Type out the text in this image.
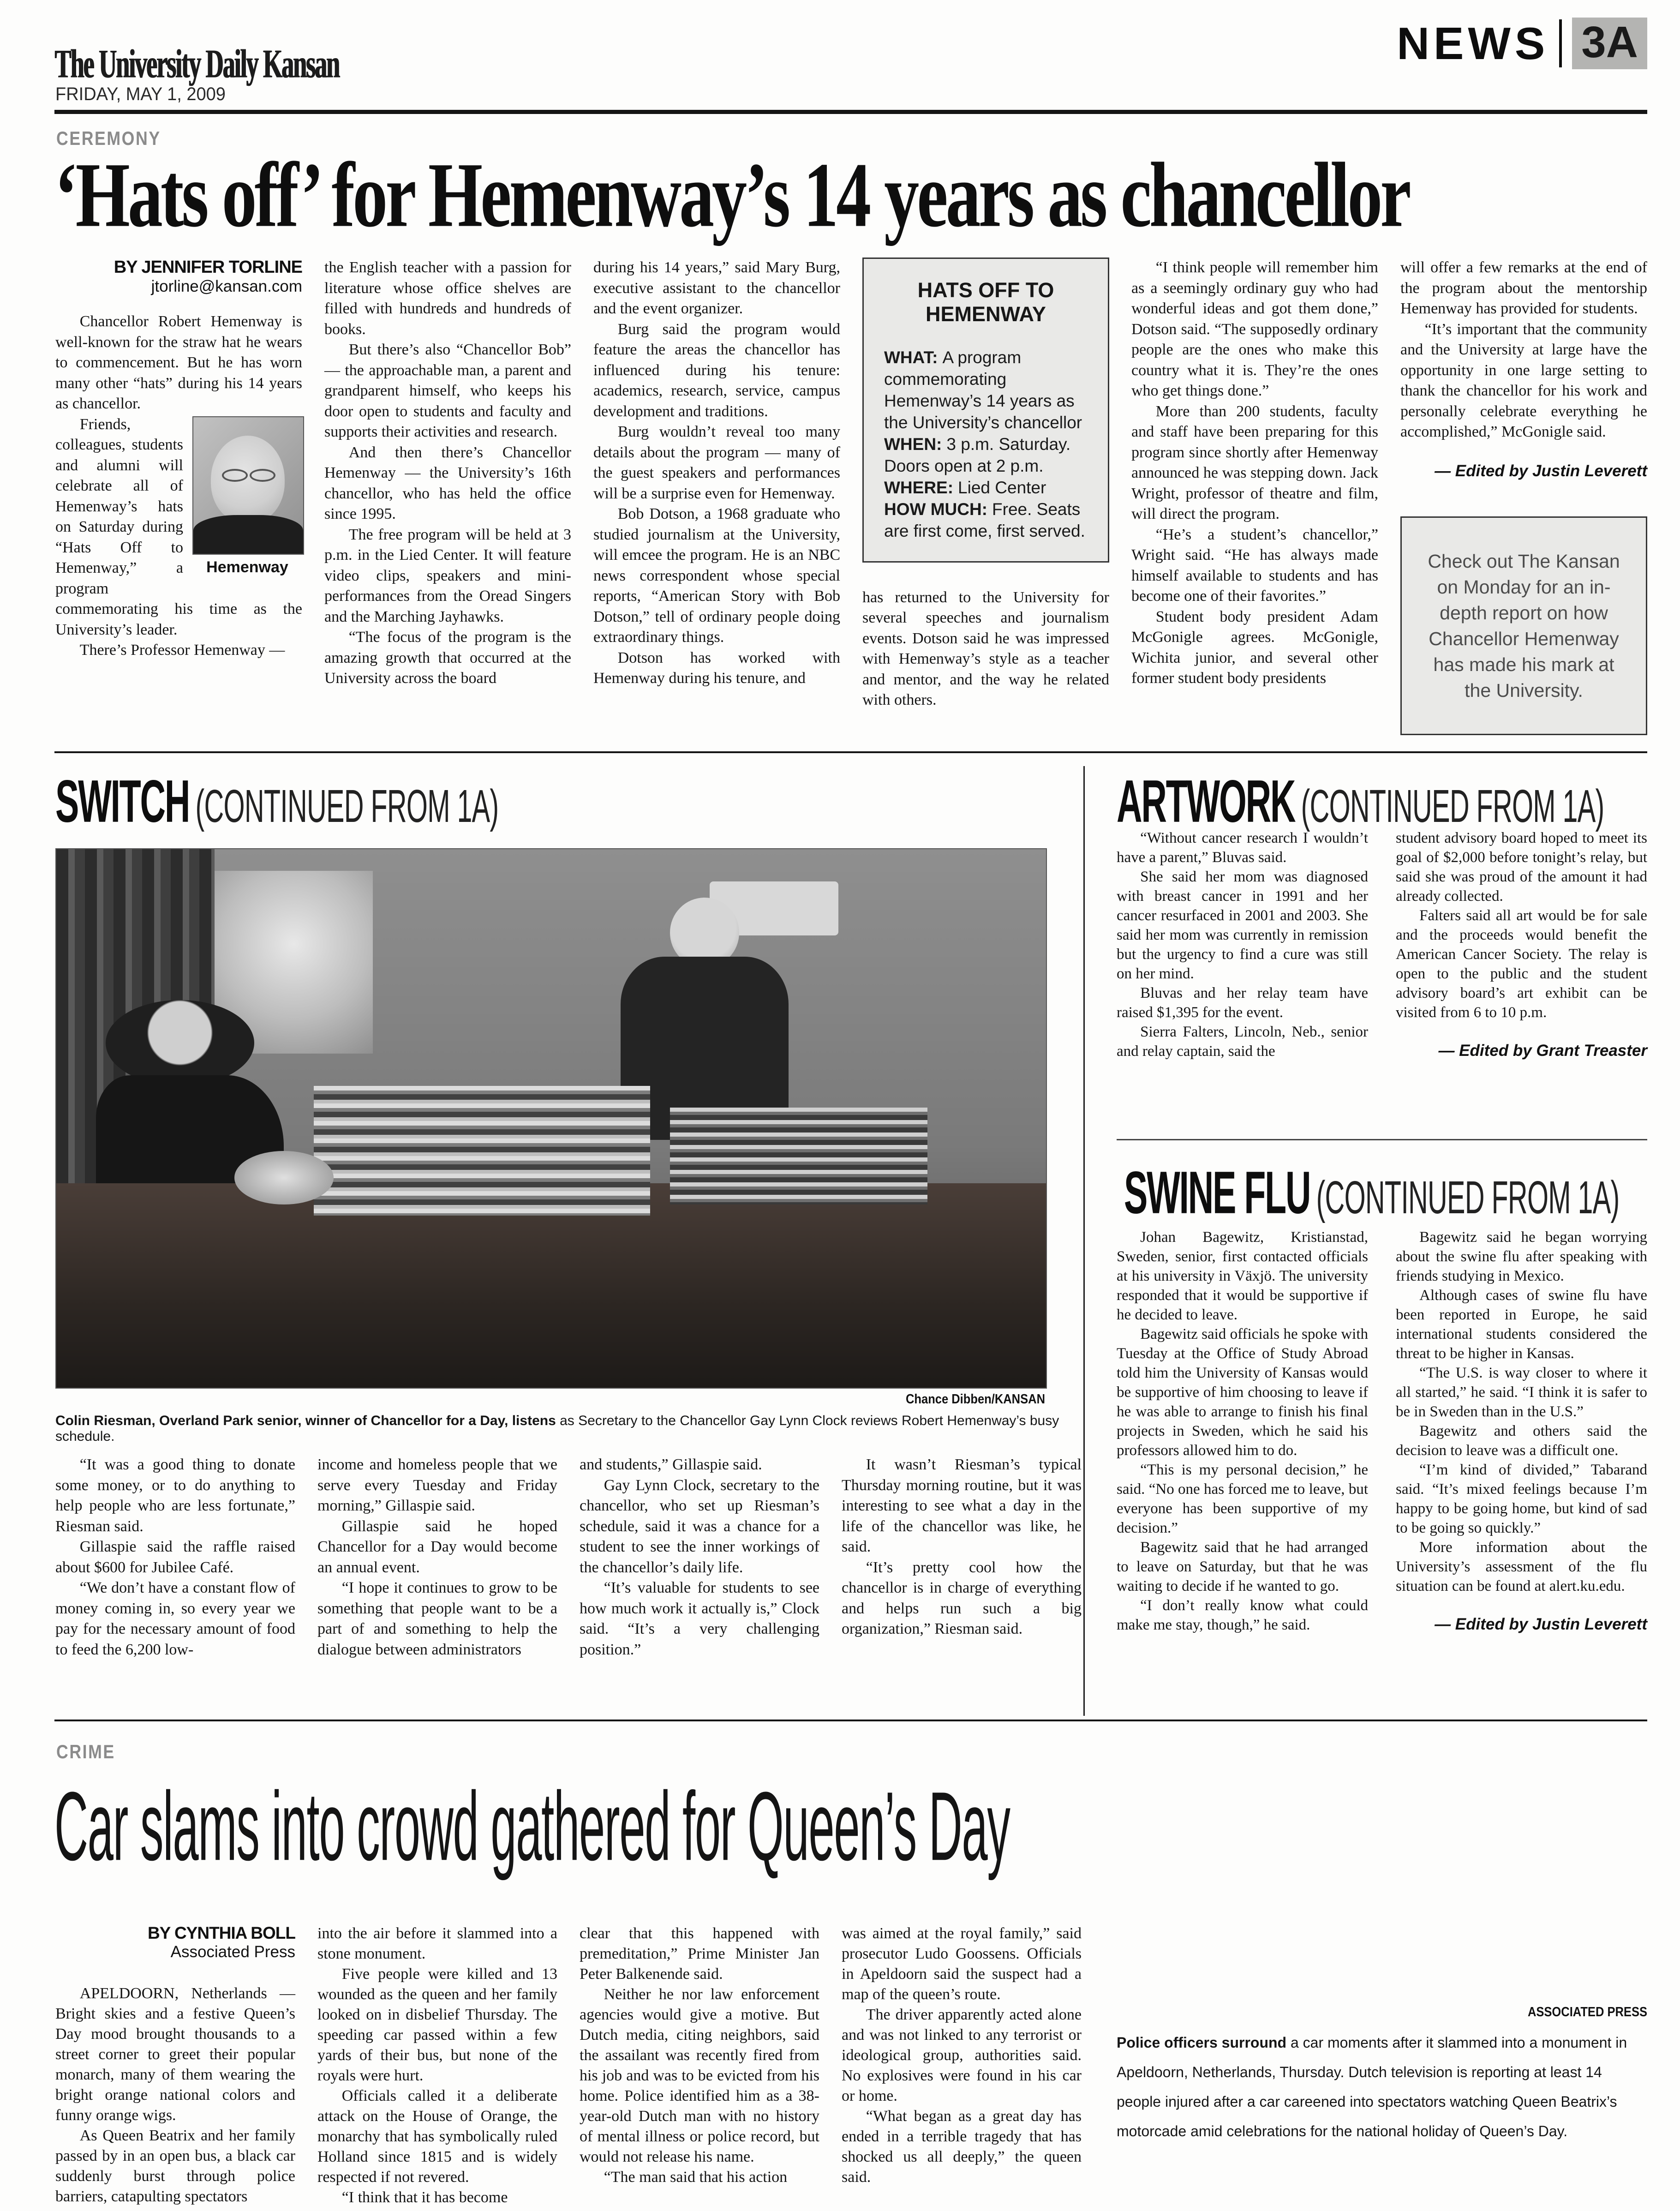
The University Daily Kansan
FRIDAY, MAY 1, 2009
NEWS 3A
CEREMONY
‘Hats off’ for Hemenway’s 14 years as chancellor
BY JENNIFER TORLINE
jtorline@kansan.com

Chancellor Robert Hemenway is well-known for the straw hat he wears to commencement. But he has worn many other “hats” during his 14 years as chancellor.

Hemenway

Friends, colleagues, students and alumni will celebrate all of Hemenway’s hats on Saturday during “Hats Off to Hemenway,” a program commemorating his time as the University’s leader.

There’s Professor Hemenway —

the English teacher with a passion for literature whose office shelves are filled with hundreds and hundreds of books.

But there’s also “Chancellor Bob” — the approachable man, a parent and grandparent himself, who keeps his door open to students and faculty and supports their activities and research.

And then there’s Chancellor Hemenway — the University’s 16th chancellor, who has held the office since 1995.

The free program will be held at 3 p.m. in the Lied Center. It will feature video clips, speakers and mini-performances from the Oread Singers and the Marching Jayhawks.

“The focus of the program is the amazing growth that occurred at the University across the board

during his 14 years,” said Mary Burg, executive assistant to the chancellor and the event organizer.

Burg said the program would feature the areas the chancellor has influenced during his tenure: academics, research, service, campus development and traditions.

Burg wouldn’t reveal too many details about the program — many of the guest speakers and performances will be a surprise even for Hemenway.

Bob Dotson, a 1968 graduate who studied journalism at the University, will emcee the program. He is an NBC news correspondent whose special reports, “American Story with Bob Dotson,” tell of ordinary people doing extraordinary things.

Dotson has worked with Hemenway during his tenure, and

HATS OFF TO HEMENWAY
WHAT: A program commemorating Hemenway’s 14 years as the University’s chancellor
WHEN: 3 p.m. Saturday. Doors open at 2 p.m.
WHERE: Lied Center
HOW MUCH: Free. Seats are first come, first served.

has returned to the University for several speeches and journalism events. Dotson said he was impressed with Hemenway’s style as a teacher and mentor, and the way he related with others.

“I think people will remember him as a seemingly ordinary guy who had wonderful ideas and got them done,” Dotson said. “The supposedly ordinary people are the ones who make this country what it is. They’re the ones who get things done.”

More than 200 students, faculty and staff have been preparing for this program since shortly after Hemenway announced he was stepping down. Jack Wright, professor of theatre and film, will direct the program.

“He’s a student’s chancellor,” Wright said. “He has always made himself available to students and has become one of their favorites.”

Student body president Adam McGonigle agrees. McGonigle, Wichita junior, and several other former student body presidents

will offer a few remarks at the end of the program about the mentorship Hemenway has provided for students.

“It’s important that the community and the University at large have the opportunity in one large setting to thank the chancellor for his work and personally celebrate everything he accomplished,” McGonigle said.

— Edited by Justin Leverett
Check out The Kansan on Monday for an in-depth report on how Chancellor Hemenway has made his mark at the University.
SWITCH (CONTINUED FROM 1A)
Chance Dibben/KANSAN
Colin Riesman, Overland Park senior, winner of Chancellor for a Day, listens as Secretary to the Chancellor Gay Lynn Clock reviews Robert Hemenway’s busy schedule.

“It was a good thing to donate some money, or to do anything to help people who are less fortunate,” Riesman said.

Gillaspie said the raffle raised about $600 for Jubilee Café.

“We don’t have a constant flow of money coming in, so every year we pay for the necessary amount of food to feed the 6,200 low-

income and homeless people that we serve every Tuesday and Friday morning,” Gillaspie said.

Gillaspie said he hoped Chancellor for a Day would become an annual event.

“I hope it continues to grow to be something that people want to be a part of and something to help the dialogue between administrators

and students,” Gillaspie said.

Gay Lynn Clock, secretary to the chancellor, who set up Riesman’s schedule, said it was a chance for a student to see the inner workings of the chancellor’s daily life.

“It’s valuable for students to see how much work it actually is,” Clock said. “It’s a very challenging position.”

It wasn’t Riesman’s typical Thursday morning routine, but it was interesting to see what a day in the life of the chancellor was like, he said.

“It’s pretty cool how the chancellor is in charge of everything and helps run such a big organization,” Riesman said.

ARTWORK (CONTINUED FROM 1A)

“Without cancer research I wouldn’t have a parent,” Bluvas said.

She said her mom was diagnosed with breast cancer in 1991 and her cancer resurfaced in 2001 and 2003. She said her mom was currently in remission but the urgency to find a cure was still on her mind.

Bluvas and her relay team have raised $1,395 for the event.

Sierra Falters, Lincoln, Neb., senior and relay captain, said the

student advisory board hoped to meet its goal of $2,000 before tonight’s relay, but said she was proud of the amount it had already collected.

Falters said all art would be for sale and the proceeds would benefit the American Cancer Society. The relay is open to the public and the student advisory board’s art exhibit can be visited from 6 to 10 p.m.

— Edited by Grant Treaster
SWINE FLU (CONTINUED FROM 1A)

Johan Bagewitz, Kristianstad, Sweden, senior, first contacted officials at his university in Växjö. The university responded that it would be supportive if he decided to leave.

Bagewitz said officials he spoke with Tuesday at the Office of Study Abroad told him the University of Kansas would be supportive of him choosing to leave if he was able to arrange to finish his final projects in Sweden, which he said his professors allowed him to do.

“This is my personal decision,” he said. “No one has forced me to leave, but everyone has been supportive of my decision.”

Bagewitz said that he had arranged to leave on Saturday, but that he was waiting to decide if he wanted to go.

“I don’t really know what could make me stay, though,” he said.

Bagewitz said he began worrying about the swine flu after speaking with friends studying in Mexico.

Although cases of swine flu have been reported in Europe, he said international students considered the threat to be higher in Kansas.

“The U.S. is way closer to where it all started,” he said. “I think it is safer to be in Sweden than in the U.S.”

Bagewitz and others said the decision to leave was a difficult one.

“I’m kind of divided,” Tabarand said. “It’s mixed feelings because I’m happy to be going home, but kind of sad to be going so quickly.”

More information about the University’s assessment of the flu situation can be found at alert.ku.edu.

— Edited by Justin Leverett
CRIME
Car slams into crowd gathered for Queen’s Day
BY CYNTHIA BOLL
Associated Press

APELDOORN, Netherlands — Bright skies and a festive Queen’s Day mood brought thousands to a street corner to greet their popular monarch, many of them wearing the bright orange national colors and funny orange wigs.

As Queen Beatrix and her family passed by in an open bus, a black car suddenly burst through police barriers, catapulting spectators

into the air before it slammed into a stone monument.

Five people were killed and 13 wounded as the queen and her family looked on in disbelief Thursday. The speeding car passed within a few yards of their bus, but none of the royals were hurt.

Officials called it a deliberate attack on the House of Orange, the monarchy that has symbolically ruled Holland since 1815 and is widely respected if not revered.

“I think that it has become

clear that this happened with premeditation,” Prime Minister Jan Peter Balkenende said.

Neither he nor law enforcement agencies would give a motive. But Dutch media, citing neighbors, said the assailant was recently fired from his job and was to be evicted from his home. Police identified him as a 38-year-old Dutch man with no history of mental illness or police record, but would not release his name.

“The man said that his action

was aimed at the royal family,” said prosecutor Ludo Goossens. Officials in Apeldoorn said the suspect had a map of the queen’s route.

The driver apparently acted alone and was not linked to any terrorist or ideological group, authorities said. No explosives were found in his car or home.

“What began as a great day has ended in a terrible tragedy that has shocked us all deeply,” the queen said.

ASSOCIATED PRESS
Police officers surround a car moments after it slammed into a monument in Apeldoorn, Netherlands, Thursday. Dutch television is reporting at least 14 people injured after a car careened into spectators watching Queen Beatrix’s motorcade amid celebrations for the national holiday of Queen’s Day.
